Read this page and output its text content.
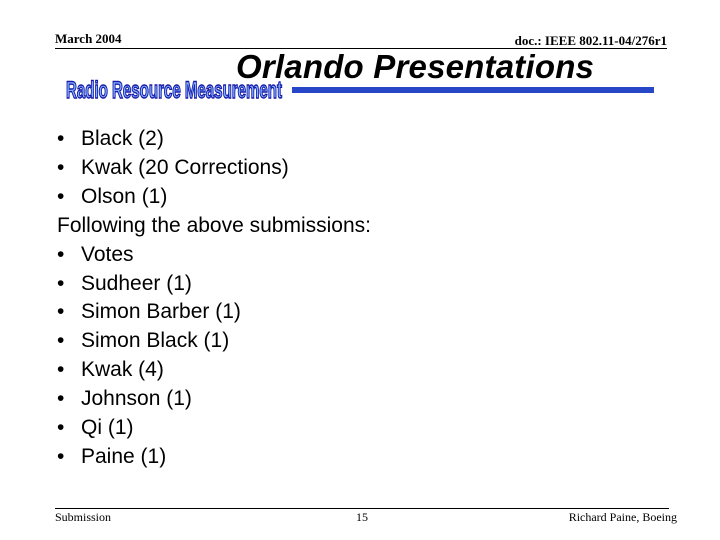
March 2004	doc.: IEEE 802.11-04/276r1
Radio Resource Measurement
Orlando Presentations
• Black (2)
• Kwak (20 Corrections)
• Olson (1)
Following the above submissions:
• Votes
• Sudheer (1)
• Simon Barber (1)
• Simon Black (1)
• Kwak (4)
• Johnson (1)
• Qi (1)
• Paine (1)
Submission	15	Richard Paine, Boeing
